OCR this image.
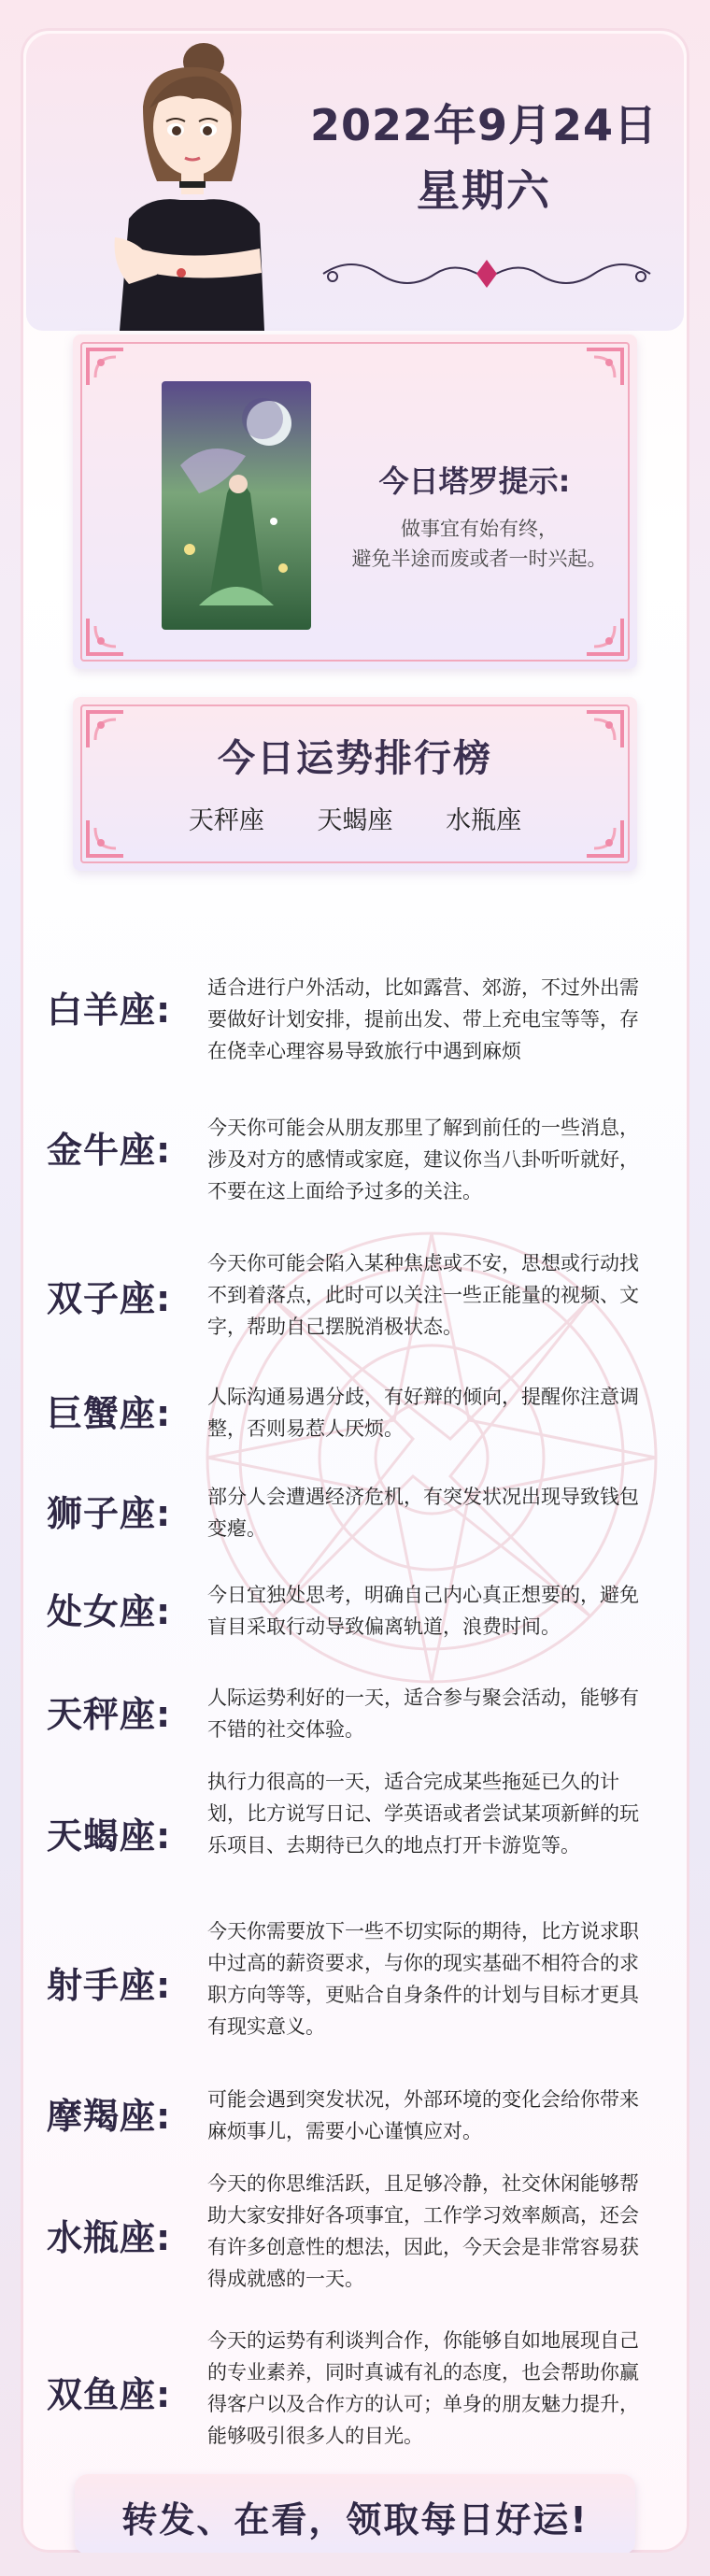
2022年9月24日
星期六
今日塔罗提示:
做事宜有始有终，
避免半途而废或者一时兴起。
今日运势排行榜
天秤座 天蝎座 水瓶座
白羊座:
适合进行户外活动，比如露营、郊游，不过外出需要做好计划安排，提前出发、带上充电宝等等，存在侥幸心理容易导致旅行中遇到麻烦
金牛座:
今天你可能会从朋友那里了解到前任的一些消息，涉及对方的感情或家庭，建议你当八卦听听就好，不要在这上面给予过多的关注。
双子座:
今天你可能会陷入某种焦虑或不安，思想或行动找不到着落点，此时可以关注一些正能量的视频、文字，帮助自己摆脱消极状态。
巨蟹座:	人际沟通易遇分歧，有好辩的倾向，提醒你注意调整，否则易惹人厌烦。
狮子座:	部分人会遭遇经济危机，有突发状况出现导致钱包变瘪。
处女座:	今日宜独处思考，明确自己内心真正想要的，避免盲目采取行动导致偏离轨道，浪费时间。
天秤座:	人际运势利好的一天，适合参与聚会活动，能够有不错的社交体验。
天蝎座:
执行力很高的一天，适合完成某些拖延已久的计划，比方说写日记、学英语或者尝试某项新鲜的玩乐项目、去期待已久的地点打开卡游览等。
射手座:
今天你需要放下一些不切实际的期待，比方说求职中过高的薪资要求，与你的现实基础不相符合的求职方向等等，更贴合自身条件的计划与目标才更具有现实意义。
摩羯座:	可能会遇到突发状况，外部环境的变化会给你带来麻烦事儿，需要小心谨慎应对。
水瓶座:
今天的你思维活跃，且足够冷静，社交休闲能够帮助大家安排好各项事宜，工作学习效率颇高，还会有许多创意性的想法，因此，今天会是非常容易获得成就感的一天。
双鱼座:
今天的运势有利谈判合作，你能够自如地展现自己的专业素养，同时真诚有礼的态度，也会帮助你赢得客户以及合作方的认可；单身的朋友魅力提升，能够吸引很多人的目光。
转发、在看，领取每日好运!
